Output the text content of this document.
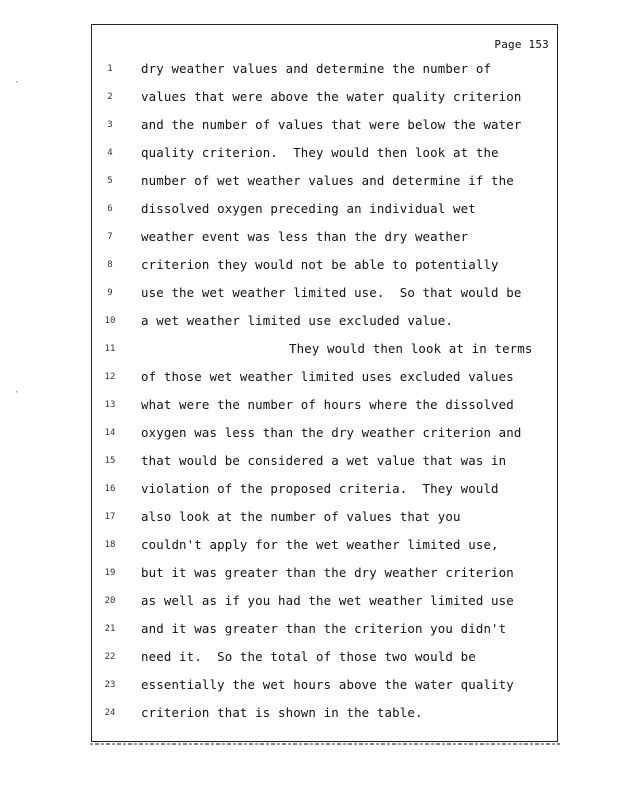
Page 153
1	dry weather values and determine the number of
2	values that were above the water quality criterion
3	and the number of values that were below the water
4	quality criterion.  They would then look at the
5	number of wet weather values and determine if the
6	dissolved oxygen preceding an individual wet
7	weather event was less than the dry weather
8	criterion they would not be able to potentially
9	use the wet weather limited use.  So that would be
10	a wet weather limited use excluded value.
11	They would then look at in terms
12	of those wet weather limited uses excluded values
13	what were the number of hours where the dissolved
14	oxygen was less than the dry weather criterion and
15	that would be considered a wet value that was in
16	violation of the proposed criteria.  They would
17	also look at the number of values that you
18	couldn't apply for the wet weather limited use,
19	but it was greater than the dry weather criterion
20	as well as if you had the wet weather limited use
21	and it was greater than the criterion you didn't
22	need it.  So the total of those two would be
23	essentially the wet hours above the water quality
24	criterion that is shown in the table.
·
·
